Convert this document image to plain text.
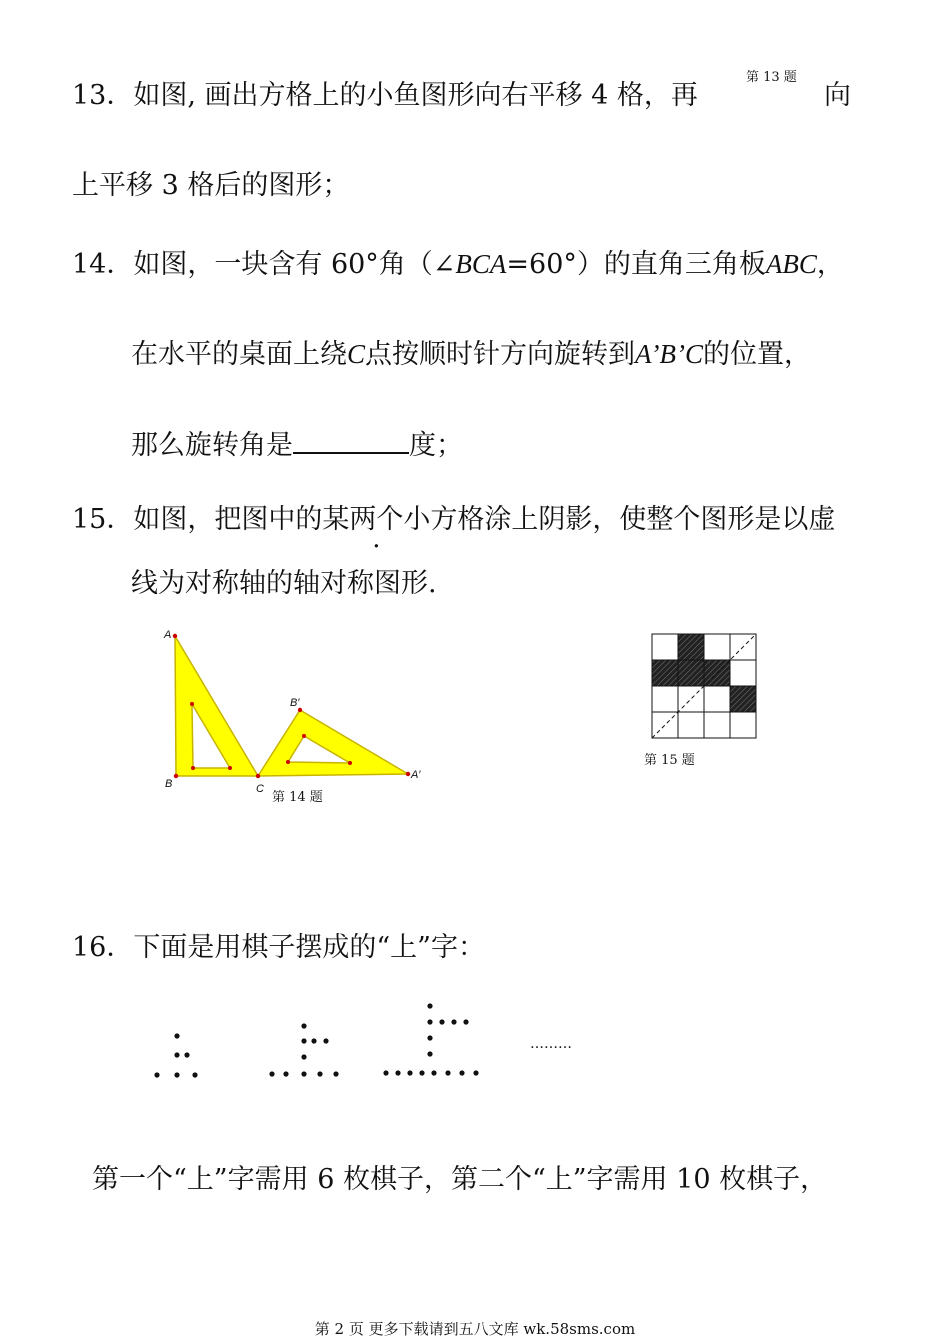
13．如图, 画出方格上的小鱼图形向右平移 4 格，再
第 13 题
向
上平移 3 格后的图形；
14．如图，一块含有 60°角（∠BCA=60°）的直角三角板ABC，
在水平的桌面上绕C点按顺时针方向旋转到A’B’C的位置，
那么旋转角是	度；
15．如图，把图中的某两个小方格涂上阴影，使整个图形是以虚
线为对称轴的轴对称图形.
A
B	C
B′
A′
第 14 题
第 15 题
16．下面是用棋子摆成的“上”字：
………
第一个“上”字需用 6 枚棋子，第二个“上”字需用 10 枚棋子，
第 2 页 更多下载请到五八文库 wk.58sms.com
